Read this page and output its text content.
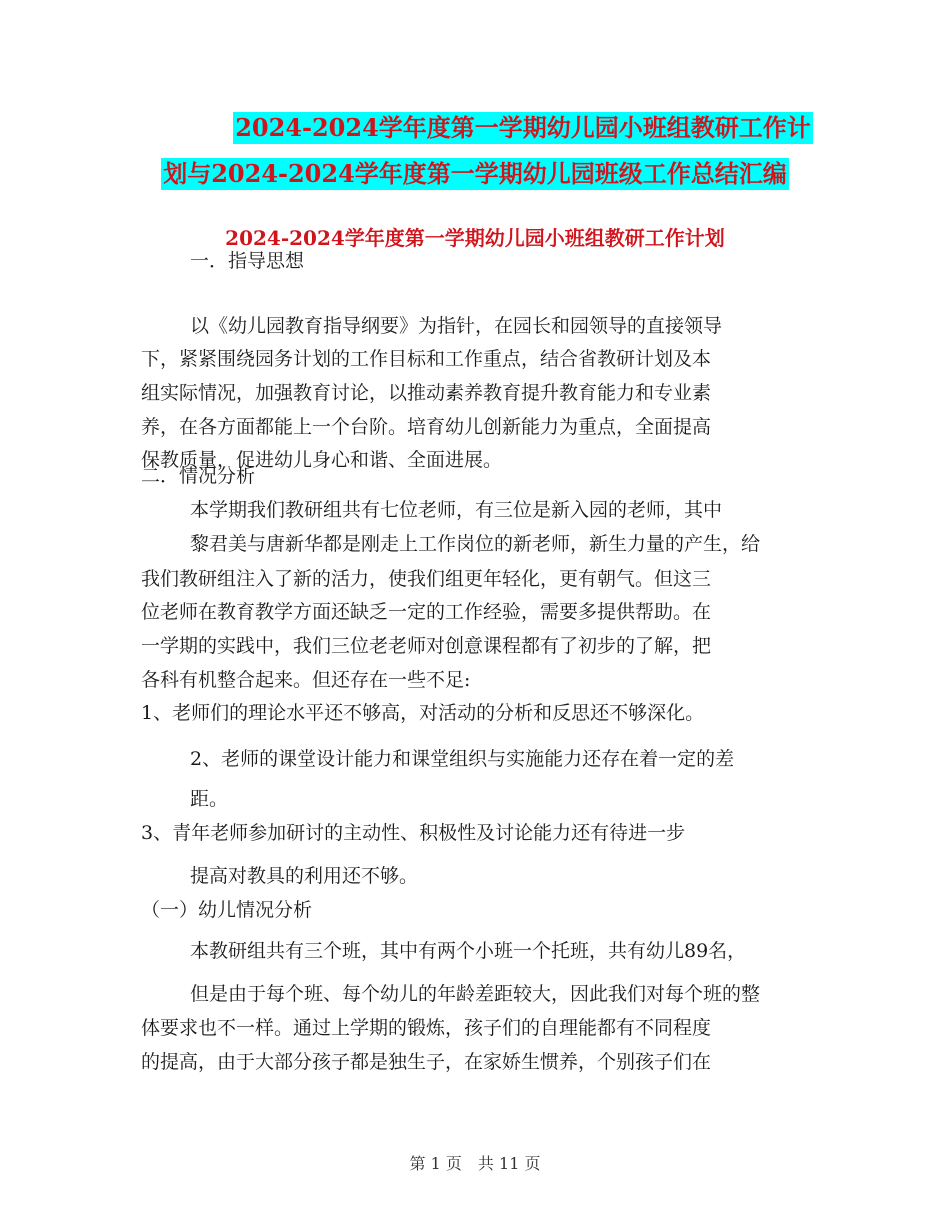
2024-2024学年度第一学期幼儿园小班组教研工作计
划与2024-2024学年度第一学期幼儿园班级工作总结汇编
2024-2024学年度第一学期幼儿园小班组教研工作计划
一．指导思想
以《幼儿园教育指导纲要》为指针，在园长和园领导的直接领导
下，紧紧围绕园务计划的工作目标和工作重点，结合省教研计划及本
组实际情况，加强教育讨论，以推动素养教育提升教育能力和专业素
养，在各方面都能上一个台阶。培育幼儿创新能力为重点，全面提高
保教质量，促进幼儿身心和谐、全面进展。
二．情况分析
本学期我们教研组共有七位老师，有三位是新入园的老师，其中
黎君美与唐新华都是刚走上工作岗位的新老师，新生力量的产生，给
我们教研组注入了新的活力，使我们组更年轻化，更有朝气。但这三
位老师在教育教学方面还缺乏一定的工作经验，需要多提供帮助。在
一学期的实践中，我们三位老老师对创意课程都有了初步的了解，把
各科有机整合起来。但还存在一些不足:
1、老师们的理论水平还不够高，对活动的分析和反思还不够深化。
2、老师的课堂设计能力和课堂组织与实施能力还存在着一定的差
距。
3、青年老师参加研讨的主动性、积极性及讨论能力还有待进一步
提高对教具的利用还不够。
（一）幼儿情况分析
本教研组共有三个班，其中有两个小班一个托班，共有幼儿89名，
但是由于每个班、每个幼儿的年龄差距较大，因此我们对每个班的整
体要求也不一样。通过上学期的锻炼，孩子们的自理能都有不同程度
的提高，由于大部分孩子都是独生子，在家娇生惯养，个别孩子们在
第 1 页　共 11 页
